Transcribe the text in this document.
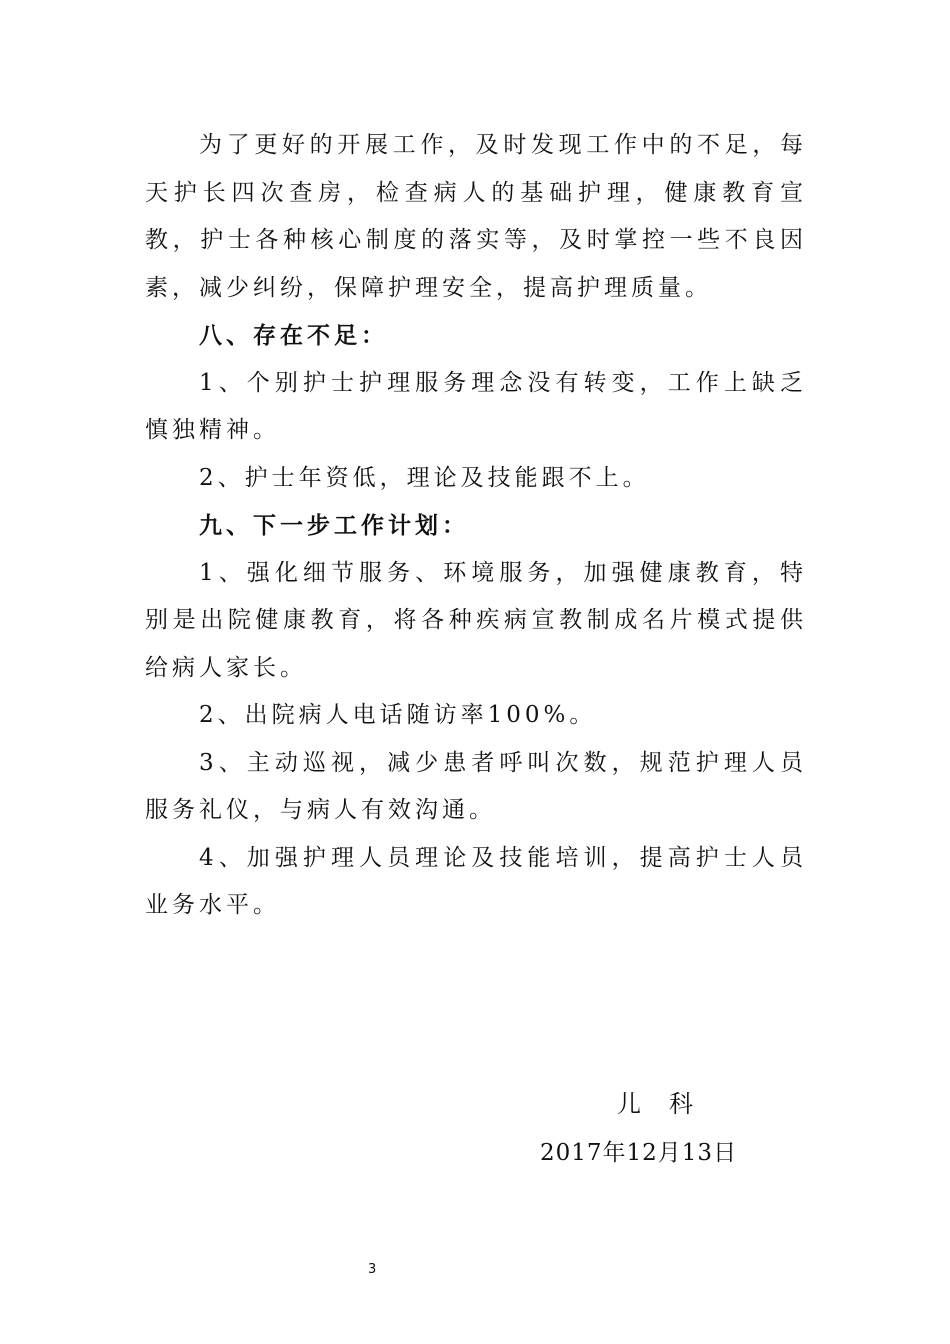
为了更好的开展工作，及时发现工作中的不足，每天护长四次查房，检查病人的基础护理，健康教育宣教，护士各种核心制度的落实等，及时掌控一些不良因素，减少纠纷，保障护理安全，提高护理质量。

八、存在不足：

1、个别护士护理服务理念没有转变，工作上缺乏慎独精神。

2、护士年资低，理论及技能跟不上。

九、下一步工作计划：

1、强化细节服务、环境服务，加强健康教育，特别是出院健康教育，将各种疾病宣教制成名片模式提供给病人家长。

2、出院病人电话随访率100%。

3、主动巡视，减少患者呼叫次数，规范护理人员服务礼仪，与病人有效沟通。

4、加强护理人员理论及技能培训，提高护士人员业务水平。

儿科
2017年12月13日
3
